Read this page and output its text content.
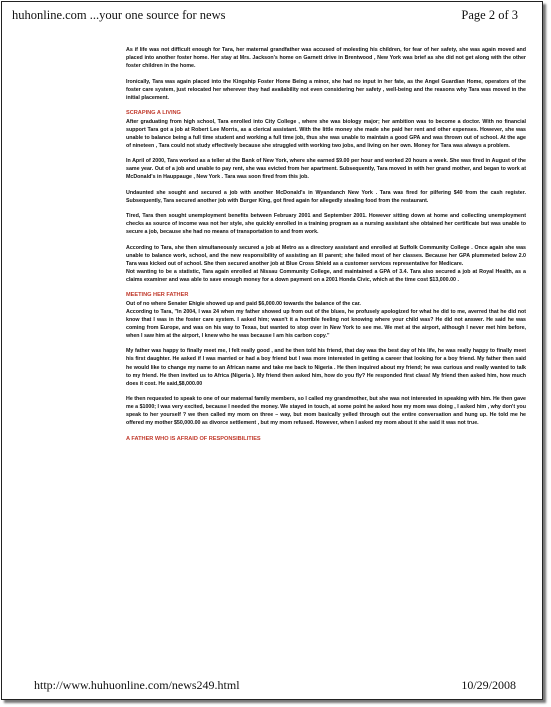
huhonline.com ...your one source for news	Page 2 of 3

As if life was not difficult enough for Tara, her maternal grandfather was accused of molesting his children, for fear of her safety, she was again moved and placed into another foster home. Her stay at Mrs. Jackson's home on Garnett drive in Brentwood , New York was brief as she did not get along with the other foster children in the home.

Ironically, Tara was again placed into the Kingship Foster Home Being a minor, she had no input in her fate, as the Angel Guardian Home, operators of the foster care system, just relocated her wherever they had availability not even considering her safety , well-being and the reasons why Tara was moved in the initial placement.

SCRAPING A LIVING

After graduating from high school, Tara enrolled into City College , where she was biology major; her ambition was to become a doctor. With no financial support Tara got a job at Robert Lee Morris, as a clerical assistant. With the little money she made she paid her rent and other expenses. However, she was unable to balance being a full time student and working a full time job, thus she was unable to maintain a good GPA and was thrown out of school. At the age of nineteen , Tara could not study effectively because she struggled with working two jobs, and living on her own. Money for Tara was always a problem.

In April of 2000, Tara worked as a teller at the Bank of New York, where she earned $9.00 per hour and worked 20 hours a week. She was fired in August of the same year. Out of a job and unable to pay rent, she was evicted from her apartment. Subsequently, Tara moved in with her grand mother, and began to work at McDonald's in Hauppauge , New York . Tara was soon fired from this job.

Undaunted she sought and secured a job with another McDonald's in Wyandanch New York . Tara was fired for pilfering $40 from the cash register. Subsequently, Tara secured another job with Burger King, got fired again for allegedly stealing food from the restaurant.

Tired, Tara then sought unemployment benefits between February 2001 and September 2001. However sitting down at home and collecting unemployment checks as source of income was not her style, she quickly enrolled in a training program as a nursing assistant she obtained her certificate but was unable to secure a job, because she had no means of transportation to and from work.

According to Tara, she then simultaneously secured a job at Metro as a directory assistant and enrolled at Suffolk Community College . Once again she was unable to balance work, school, and the new responsibility of assisting an ill parent; she failed most of her classes. Because her GPA plummeted below 2.0 Tara was kicked out of school. She then secured another job at Blue Cross Shield as a customer services representative for Medicare.

Not wanting to be a statistic, Tara again enrolled at Nissau Community College, and maintained a GPA of 3.4. Tara also secured a job at Royal Health, as a claims examiner and was able to save enough money for a down payment on a 2001 Honda Civic, which at the time cost $13,000.00 .

MEETING HER FATHER

Out of no where Senater Ehigie showed up and paid $6,000.00 towards the balance of the car.

According to Tara, "In 2004, I was 24 when my father showed up from out of the blues, he profusely apologized for what he did to me, averred that he did not know that I was in the foster care system. I asked him; wasn't it a horrible feeling not knowing where your child was? He did not answer. He said he was coming from Europe, and was on his way to Texas, but wanted to stop over in New York to see me. We met at the airport, although I never met him before, when I saw him at the airport, I knew who he was because I am his carbon copy."

My father was happy to finally meet me, I felt really good , and he then told his friend, that day was the best day of his life, he was really happy to finally meet his first daughter. He asked if I was married or had a boy friend but I was more interested in getting a career that looking for a boy friend. My father then said he would like to change my name to an African name and take me back to Nigeria . He then inquired about my friend; he was curious and really wanted to talk to my friend. He then invited us to Africa (Nigeria ). My friend then asked him, how do you fly? He responded first class! My friend then asked him, how much does it cost. He said,$8,000.00

He then requested to speak to one of our maternal family members, so I called my grandmother, but she was not interested in speaking with him. He then gave me a $1000; I was very excited, because I needed the money. We stayed in touch, at some point he asked how my mom was doing , I asked him , why don't you speak to her yourself ? we then called my mom on three – way, but mom basically yelled through out the entire conversation and hung up. He told me he offered my mother $50,000.00 as divorce settlement , but my mom refused. However, when I asked my mom about it she said it was not true.

A FATHER WHO IS AFRAID OF RESPONSIBILITIES
http://www.huhuonline.com/news249.html	10/29/2008
